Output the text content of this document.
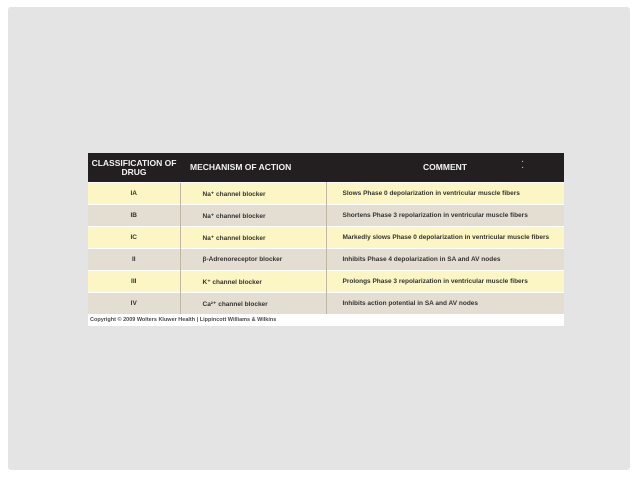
CLASSIFICATION OF DRUG	MECHANISM OF ACTION	COMMENT ·
·

IA	Na⁺ channel blocker	Slows Phase 0 depolarization in ventricular muscle fibers
IB	Na⁺ channel blocker	Shortens Phase 3 repolarization in ventricular muscle fibers
IC	Na⁺ channel blocker	Markedly slows Phase 0 depolarization in ventricular muscle fibers
II	β-Adrenoreceptor blocker	Inhibits Phase 4 depolarization in SA and AV nodes
III	K⁺ channel blocker	Prolongs Phase 3 repolarization in ventricular muscle fibers
IV	Ca²⁺ channel blocker	Inhibits action potential in SA and AV nodes
Copyright © 2009 Wolters Kluwer Health | Lippincott Williams & Wilkins
